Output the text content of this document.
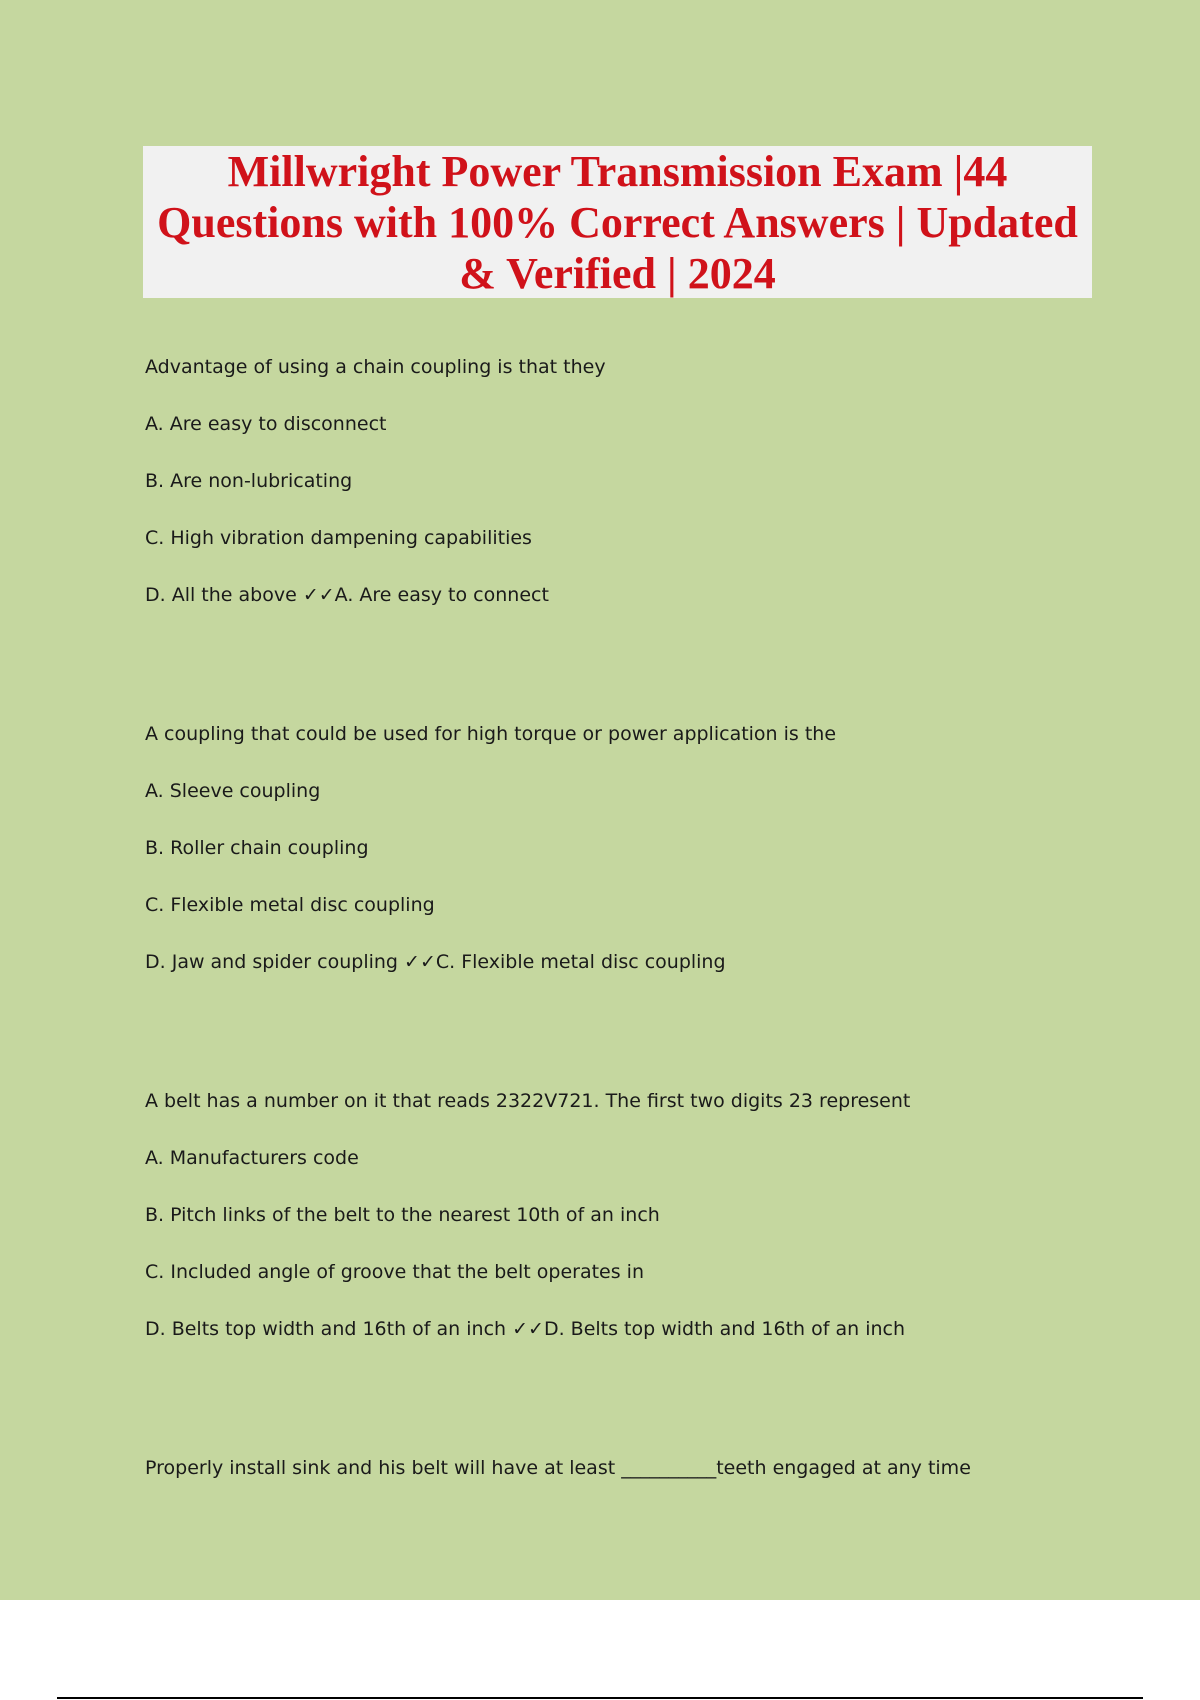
Millwright Power Transmission Exam |44
Questions with 100% Correct Answers | Updated
& Verified | 2024
Advantage of using a chain coupling is that they
A. Are easy to disconnect
B. Are non-lubricating
C. High vibration dampening capabilities
D. All the above ✓✓A. Are easy to connect
A coupling that could be used for high torque or power application is the
A. Sleeve coupling
B. Roller chain coupling
C. Flexible metal disc coupling
D. Jaw and spider coupling ✓✓C. Flexible metal disc coupling
A belt has a number on it that reads 2322V721. The first two digits 23 represent
A. Manufacturers code
B. Pitch links of the belt to the nearest 10th of an inch
C. Included angle of groove that the belt operates in
D. Belts top width and 16th of an inch ✓✓D. Belts top width and 16th of an inch
Properly install sink and his belt will have at least __________teeth engaged at any time
